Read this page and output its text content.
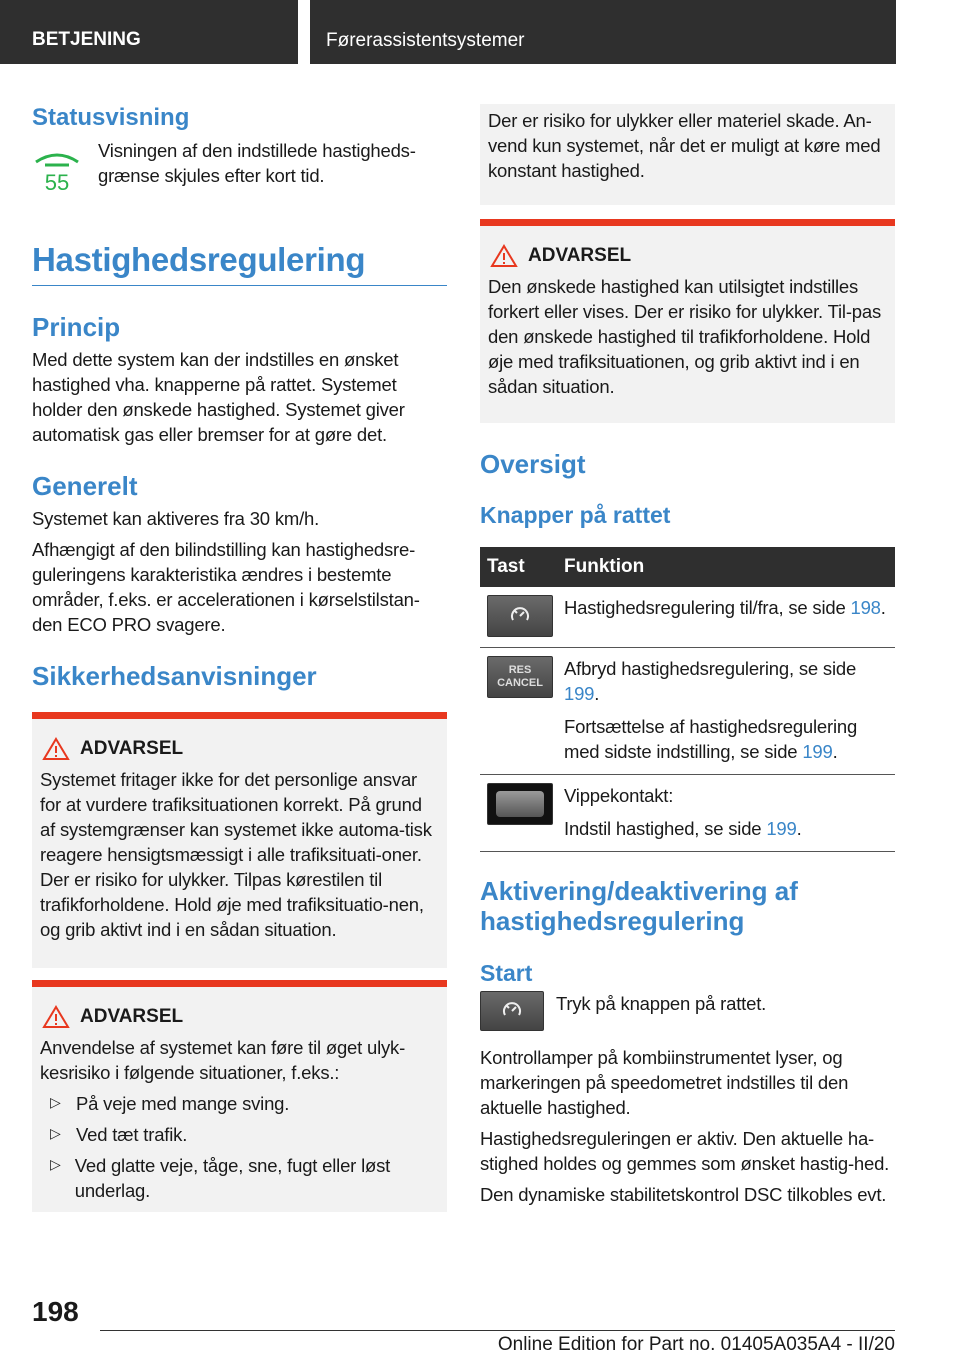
BETJENING	Førerassistentsystemer
Statusvisning
55

Visningen af den indstillede hastigheds-grænse skjules efter kort tid.

Hastighedsregulering
Princip

Med dette system kan der indstilles en ønsket hastighed vha. knapperne på rattet. Systemet holder den ønskede hastighed. Systemet giver automatisk gas eller bremser for at gøre det.

Generelt

Systemet kan aktiveres fra 30 km/h.

Afhængigt af den bilindstilling kan hastighedsre-guleringens karakteristika ændres i bestemte områder, f.eks. er accelerationen i kørselstilstan-den ECO PRO svagere.

Sikkerhedsanvisninger
ADVARSEL

Systemet fritager ikke for det personlige ansvar for at vurdere trafiksituationen korrekt. På grund af systemgrænser kan systemet ikke automa-tisk reagere hensigtsmæssigt i alle trafiksituati-oner. Der er risiko for ulykker. Tilpas kørestilen til trafikforholdene. Hold øje med trafiksituatio-nen, og grib aktivt ind i en sådan situation.

ADVARSEL

Anvendelse af systemet kan føre til øget ulyk-kesrisiko i følgende situationer, f.eks.:

▷ På veje med mange sving.

▷ Ved tæt trafik.

▷ Ved glatte veje, tåge, sne, fugt eller løst underlag.

Der er risiko for ulykker eller materiel skade. An-vend kun systemet, når det er muligt at køre med konstant hastighed.

ADVARSEL

Den ønskede hastighed kan utilsigtet indstilles forkert eller vises. Der er risiko for ulykker. Til-pas den ønskede hastighed til trafikforholdene. Hold øje med trafiksituationen, og grib aktivt ind i en sådan situation.

Oversigt
Knapper på rattet
Tast	Funktion

Hastighedsregulering til/fra, se side 198.

RES
CANCEL

Afbryd hastighedsregulering, se side 199.

Fortsættelse af hastighedsregulering med sidste indstilling, se side 199.

Vippekontakt:

Indstil hastighed, se side 199.

Aktivering/deaktivering af hastighedsregulering
Start

Tryk på knappen på rattet.

Kontrollamper på kombiinstrumentet lyser, og markeringen på speedometret indstilles til den aktuelle hastighed.

Hastighedsreguleringen er aktiv. Den aktuelle ha-stighed holdes og gemmes som ønsket hastig-hed.

Den dynamiske stabilitetskontrol DSC tilkobles evt.

198
Online Edition for Part no. 01405A035A4 - II/20
